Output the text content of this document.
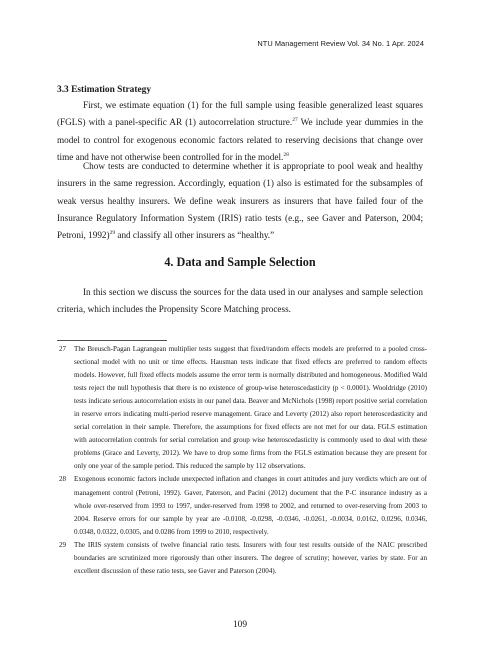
NTU Management Review Vol. 34 No. 1 Apr. 2024
3.3 Estimation Strategy
First, we estimate equation (1) for the full sample using feasible generalized least squares (FGLS) with a panel-specific AR (1) autocorrelation structure.$^{27}$ We include year dummies in the model to control for exogenous economic factors related to reserving decisions that change over time and have not otherwise been controlled for in the model.$^{28}$
Chow tests are conducted to determine whether it is appropriate to pool weak and healthy insurers in the same regression. Accordingly, equation (1) also is estimated for the subsamples of weak versus healthy insurers. We define weak insurers as insurers that have failed four of the Insurance Regulatory Information System (IRIS) ratio tests (e.g., see Gaver and Paterson, 2004; Petroni, 1992)$^{29}$ and classify all other insurers as “healthy.”
4. Data and Sample Selection
In this section we discuss the sources for the data used in our analyses and sample selection criteria, which includes the Propensity Score Matching process.
27	The Breusch-Pagan Lagrangean multiplier tests suggest that fixed/random effects models are preferred to a pooled cross-sectional model with no unit or time effects. Hausman tests indicate that fixed effects are preferred to random effects models. However, full fixed effects models assume the error term is normally distributed and homogeneous. Modified Wald tests reject the null hypothesis that there is no existence of group-wise heteroscedasticity (p < 0.0001). Wooldridge (2010) tests indicate serious autocorrelation exists in our panel data. Beaver and McNichols (1998) report positive serial correlation in reserve errors indicating multi-period reserve management. Grace and Leverty (2012) also report heteroscedasticity and serial correlation in their sample. Therefore, the assumptions for fixed effects are not met for our data. FGLS estimation with autocorrelation controls for serial correlation and group wise heteroscedasticity is commonly used to deal with these problems (Grace and Leverty, 2012). We have to drop some firms from the FGLS estimation because they are present for only one year of the sample period. This reduced the sample by 112 observations.
28	Exogenous economic factors include unexpected inflation and changes in court attitudes and jury verdicts which are out of management control (Petroni, 1992). Gaver, Paterson, and Pacini (2012) document that the P-C insurance industry as a whole over-reserved from 1993 to 1997, under-reserved from 1998 to 2002, and returned to over-reserving from 2003 to 2004. Reserve errors for our sample by year are -0.0108, -0.0298, -0.0346, -0.0261, -0.0034, 0.0162, 0.0296, 0.0346, 0.0348, 0.0322, 0.0305, and 0.0286 from 1999 to 2010, respectively.
29	The IRIS system consists of twelve financial ratio tests. Insurers with four test results outside of the NAIC prescribed boundaries are scrutinized more rigorously than other insurers. The degree of scrutiny; however, varies by state. For an excellent discussion of these ratio tests, see Gaver and Paterson (2004).
109
